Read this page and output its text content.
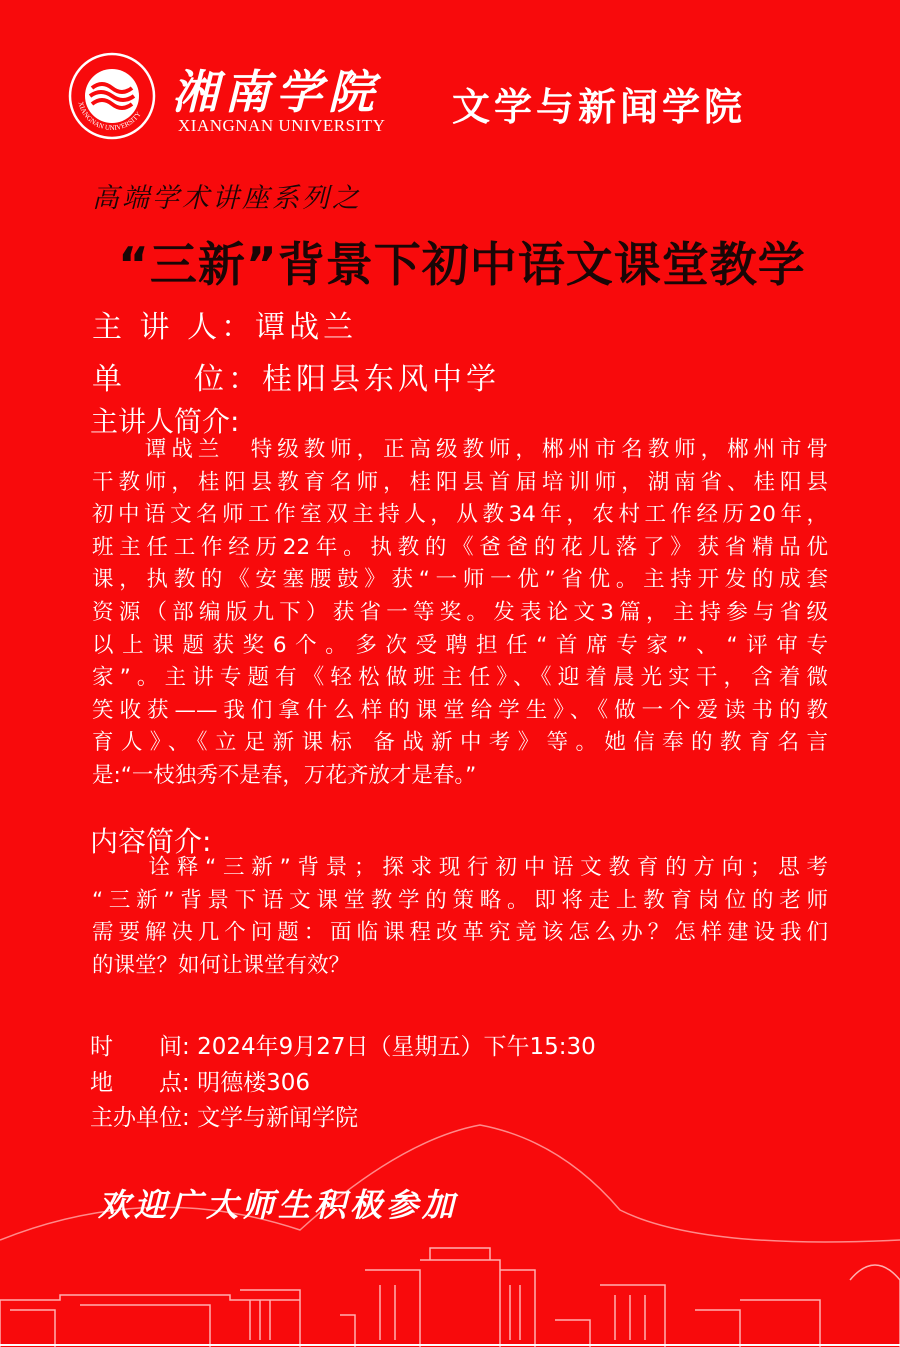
XIANGNAN UNIVERSITY 湘南学院
XIANGNAN UNIVERSITY 文学与新闻学院
高端学术讲座系列之
“三新”背景下初中语文课堂教学
主 讲 人：谭战兰
单　　位：桂阳县东风中学
主讲人简介:
　　谭战兰　特级教师，正高级教师，郴州市名教师，郴州市骨
干教师，桂阳县教育名师，桂阳县首届培训师，湖南省、桂阳县
初中语文名师工作室双主持人，从教34年，农村工作经历20年，
班主任工作经历22年。执教的《爸爸的花儿落了》获省精品优
课，执教的《安塞腰鼓》获“一师一优”省优。主持开发的成套
资源（部编版九下）获省一等奖。发表论文3篇，主持参与省级
以上课题获奖6个。多次受聘担任“首席专家”、“评审专
家”。主讲专题有《轻松做班主任》、《迎着晨光实干，含着微
笑收获——我们拿什么样的课堂给学生》、《做一个爱读书的教
育人》、《立足新课标 备战新中考》等。她信奉的教育名言
是:“一枝独秀不是春，万花齐放才是春。”
内容简介:
　　诠释“三新”背景；探求现行初中语文教育的方向；思考
“三新”背景下语文课堂教学的策略。即将走上教育岗位的老师
需要解决几个问题：面临课程改革究竟该怎么办？怎样建设我们
的课堂？如何让课堂有效？
时　　间: 2024年9月27日（星期五）下午15:30
地　　点: 明德楼306
主办单位: 文学与新闻学院
欢迎广大师生积极参加
